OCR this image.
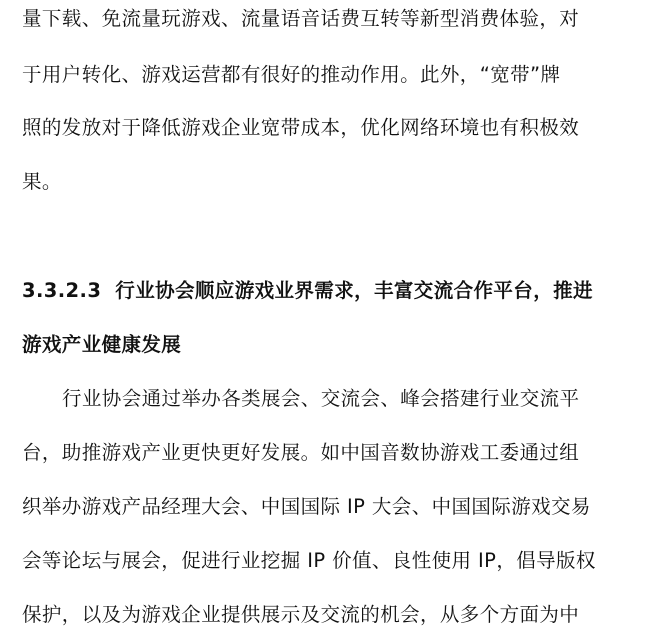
量下载、免流量玩游戏、流量语音话费互转等新型消费体验，对
于用户转化、游戏运营都有很好的推动作用。此外，“宽带”牌
照的发放对于降低游戏企业宽带成本，优化网络环境也有积极效
果。
3.3.2.3 行业协会顺应游戏业界需求，丰富交流合作平台，推进
游戏产业健康发展
行业协会通过举办各类展会、交流会、峰会搭建行业交流平
台，助推游戏产业更快更好发展。如中国音数协游戏工委通过组
织举办游戏产品经理大会、中国国际 IP 大会、中国国际游戏交易
会等论坛与展会，促进行业挖掘 IP 价值、良性使用 IP，倡导版权
保护，以及为游戏企业提供展示及交流的机会，从多个方面为中
